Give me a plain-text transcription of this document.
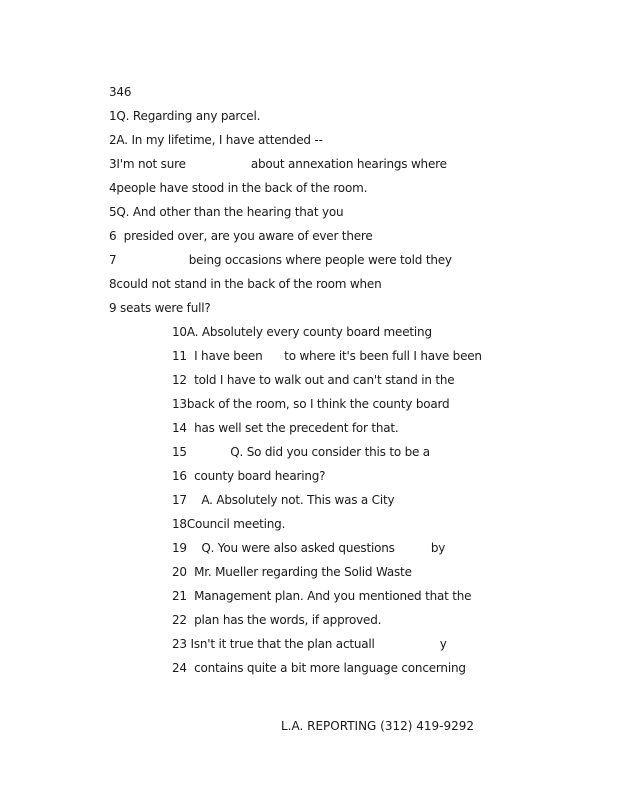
346
1Q. Regarding any parcel.
2A. In my lifetime, I have attended --
3I'm not sure                  about annexation hearings where
4people have stood in the back of the room.
5Q. And other than the hearing that you
6  presided over, are you aware of ever there
7                    being occasions where people were told they
8could not stand in the back of the room when
9 seats were full?
10A. Absolutely every county board meeting
11  I have been      to where it's been full I have been
12  told I have to walk out and can't stand in the
13back of the room, so I think the county board
14  has well set the precedent for that.
15            Q. So did you consider this to be a
16  county board hearing?
17    A. Absolutely not. This was a City
18Council meeting.
19    Q. You were also asked questions          by
20  Mr. Mueller regarding the Solid Waste
21  Management plan. And you mentioned that the
22  plan has the words, if approved.
23 Isn't it true that the plan actuall                  y
24  contains quite a bit more language concerning
L.A. REPORTING (312) 419-9292
